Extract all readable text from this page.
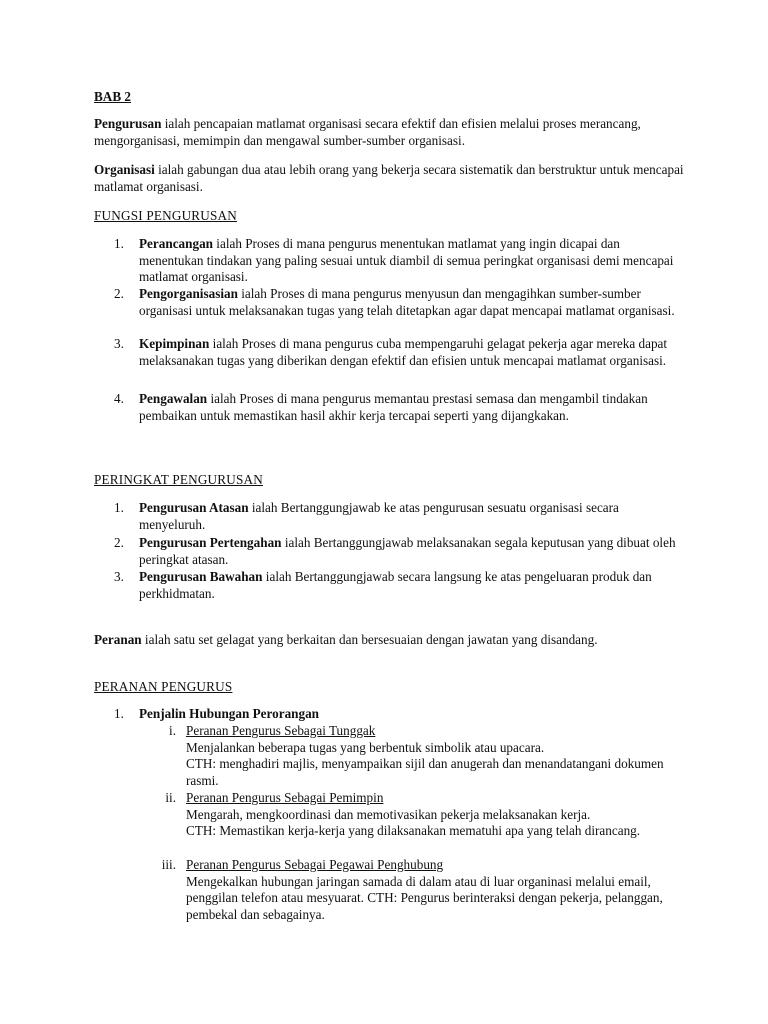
BAB 2

Pengurusan ialah pencapaian matlamat organisasi secara efektif dan efisien melalui proses merancang, mengorganisasi, memimpin dan mengawal sumber-sumber organisasi.

Organisasi ialah gabungan dua atau lebih orang yang bekerja secara sistematik dan berstruktur untuk mencapai matlamat organisasi.

FUNGSI PENGURUSAN

1.	Perancangan ialah Proses di mana pengurus menentukan matlamat yang ingin dicapai dan menentukan tindakan yang paling sesuai untuk diambil di semua peringkat organisasi demi mencapai matlamat organisasi.

2.	Pengorganisasian ialah Proses di mana pengurus menyusun dan mengagihkan sumber-sumber organisasi untuk melaksanakan tugas yang telah ditetapkan agar dapat mencapai matlamat organisasi.

3.	Kepimpinan ialah Proses di mana pengurus cuba mempengaruhi gelagat pekerja agar mereka dapat melaksanakan tugas yang diberikan dengan efektif dan efisien untuk mencapai matlamat organisasi.

4.	Pengawalan ialah Proses di mana pengurus memantau prestasi semasa dan mengambil tindakan pembaikan untuk memastikan hasil akhir kerja tercapai seperti yang dijangkakan.

PERINGKAT PENGURUSAN

1.	Pengurusan Atasan ialah Bertanggungjawab ke atas pengurusan sesuatu organisasi secara menyeluruh.

2.	Pengurusan Pertengahan ialah Bertanggungjawab melaksanakan segala keputusan yang dibuat oleh peringkat atasan.

3.	Pengurusan Bawahan ialah Bertanggungjawab secara langsung ke atas pengeluaran produk dan perkhidmatan.

Peranan ialah satu set gelagat yang berkaitan dan bersesuaian dengan jawatan yang disandang.

PERANAN PENGURUS

1.	Penjalin Hubungan Perorangan

i. Peranan Pengurus Sebagai Tunggak
Menjalankan beberapa tugas yang berbentuk simbolik atau upacara.
CTH: menghadiri majlis, menyampaikan sijil dan anugerah dan menandatangani dokumen rasmi.
ii. Peranan Pengurus Sebagai Pemimpin
Mengarah, mengkoordinasi dan memotivasikan pekerja melaksanakan kerja.
CTH: Memastikan kerja-kerja yang dilaksanakan mematuhi apa yang telah dirancang.
iii. Peranan Pengurus Sebagai Pegawai Penghubung
Mengekalkan hubungan jaringan samada di dalam atau di luar organinasi melalui email, penggilan telefon atau mesyuarat. CTH: Pengurus berinteraksi dengan pekerja, pelanggan, pembekal dan sebagainya.
